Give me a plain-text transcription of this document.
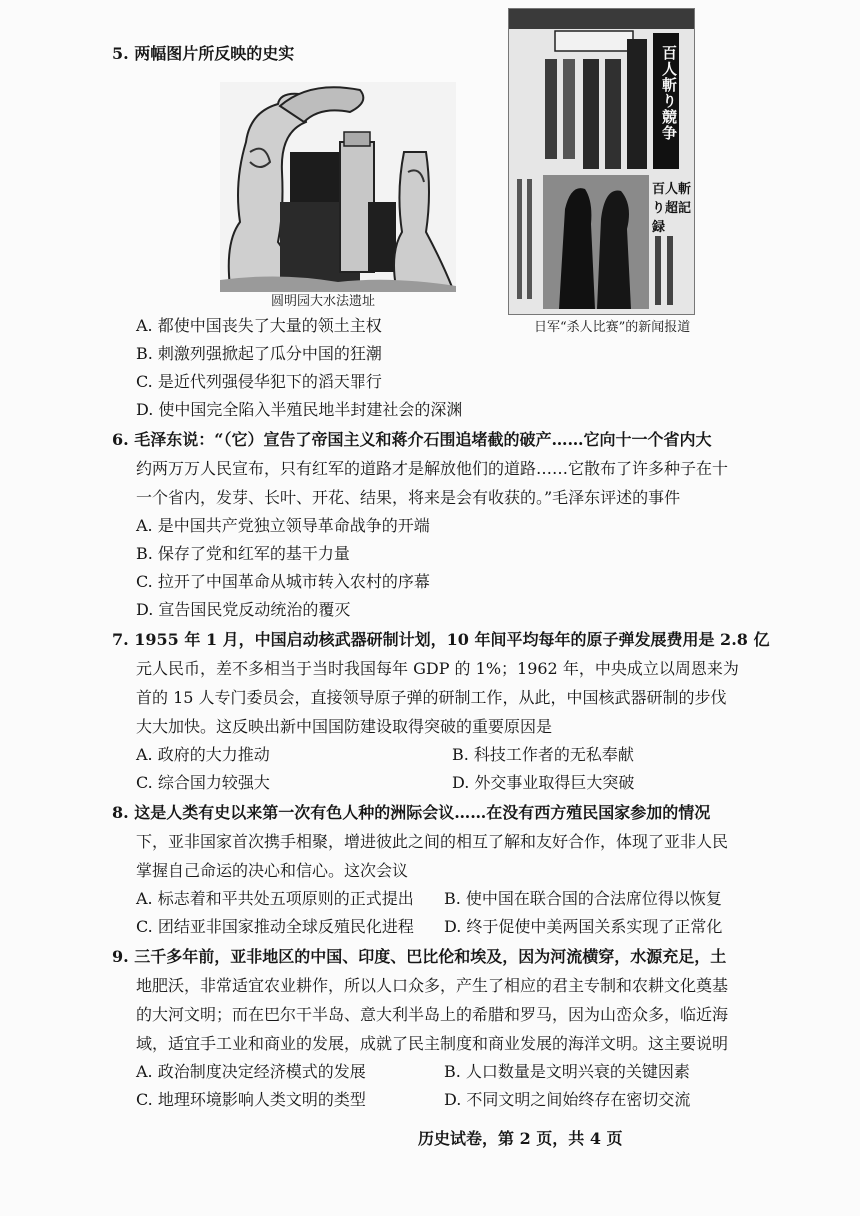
5. 两幅图片所反映的史实
圆明园大水法遗址
百人斬り競争
百人斬り超記録
日军“杀人比赛”的新闻报道
A. 都使中国丧失了大量的领土主权
B. 刺激列强掀起了瓜分中国的狂潮
C. 是近代列强侵华犯下的滔天罪行
D. 使中国完全陷入半殖民地半封建社会的深渊
6. 毛泽东说：“（它）宣告了帝国主义和蒋介石围追堵截的破产……它向十一个省内大
约两万万人民宣布，只有红军的道路才是解放他们的道路……它散布了许多种子在十
一个省内，发芽、长叶、开花、结果，将来是会有收获的。”毛泽东评述的事件
A. 是中国共产党独立领导革命战争的开端
B. 保存了党和红军的基干力量
C. 拉开了中国革命从城市转入农村的序幕
D. 宣告国民党反动统治的覆灭
7. 1955 年 1 月，中国启动核武器研制计划，10 年间平均每年的原子弹发展费用是 2.8 亿
元人民币，差不多相当于当时我国每年 GDP 的 1%；1962 年，中央成立以周恩来为
首的 15 人专门委员会，直接领导原子弹的研制工作，从此，中国核武器研制的步伐
大大加快。这反映出新中国国防建设取得突破的重要原因是
A. 政府的大力推动	B. 科技工作者的无私奉献
C. 综合国力较强大	D. 外交事业取得巨大突破
8. 这是人类有史以来第一次有色人种的洲际会议……在没有西方殖民国家参加的情况
下，亚非国家首次携手相聚，增进彼此之间的相互了解和友好合作，体现了亚非人民
掌握自己命运的决心和信心。这次会议
A. 标志着和平共处五项原则的正式提出 B. 使中国在联合国的合法席位得以恢复
C. 团结亚非国家推动全球反殖民化进程 D. 终于促使中美两国关系实现了正常化
9. 三千多年前，亚非地区的中国、印度、巴比伦和埃及，因为河流横穿，水源充足，土
地肥沃，非常适宜农业耕作，所以人口众多，产生了相应的君主专制和农耕文化奠基
的大河文明；而在巴尔干半岛、意大利半岛上的希腊和罗马，因为山峦众多，临近海
域，适宜手工业和商业的发展，成就了民主制度和商业发展的海洋文明。这主要说明
A. 政治制度决定经济模式的发展	B. 人口数量是文明兴衰的关键因素
C. 地理环境影响人类文明的类型	D. 不同文明之间始终存在密切交流
历史试卷，第 2 页，共 4 页
